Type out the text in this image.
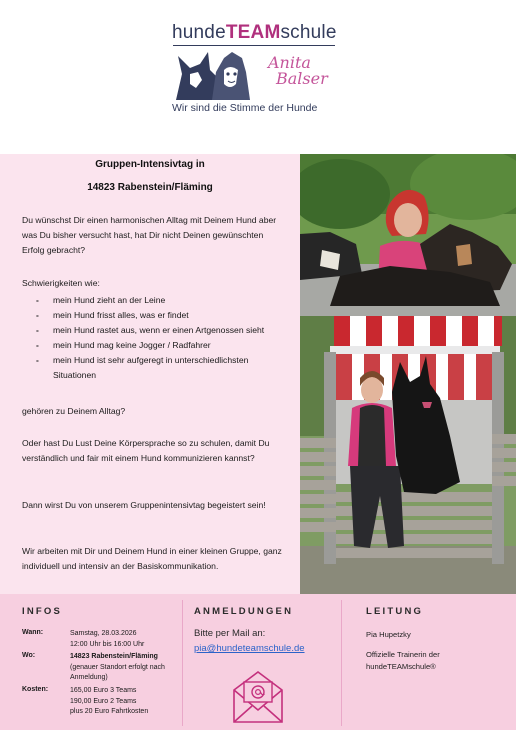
hundeTEAMschule
Anita
Balser
Wir sind die Stimme der Hunde
Gruppen-Intensivtag in
14823 Rabenstein/Fläming

Du wünschst Dir einen harmonischen Alltag mit Deinem Hund aber was Du bisher versucht hast, hat Dir nicht Deinen gewünschten Erfolg gebracht?

Schwierigkeiten wie:

- mein Hund zieht an der Leine
- mein Hund frisst alles, was er findet
- mein Hund rastet aus, wenn er einen Artgenossen sieht
- mein Hund mag keine Jogger / Radfahrer
- mein Hund ist sehr aufgeregt in unterschiedlichsten Situationen

gehören zu Deinem Alltag?

Oder hast Du Lust Deine Körpersprache so zu schulen, damit Du verständlich und fair mit einem Hund kommunizieren kannst?

Dann wirst Du von unserem Gruppenintensivtag begeistert sein!

Wir arbeiten mit Dir und Deinem Hund in einer kleinen Gruppe, ganz individuell und intensiv an der Basiskommunikation.

INFOS
Wann:	Samstag, 28.03.2026
12:00 Uhr bis 16:00 Uhr
Wo:	14823 Rabenstein/Fläming
(genauer Standort erfolgt nach Anmeldung)
Kosten:	165,00 Euro 3 Teams
190,00 Euro 2 Teams
plus 20 Euro Fahrtkosten
ANMELDUNGEN
Bitte per Mail an:
pia@hundeteamschule.de
LEITUNG
Pia Hupetzky
Offizielle Trainerin der hundeTEAMschule®
